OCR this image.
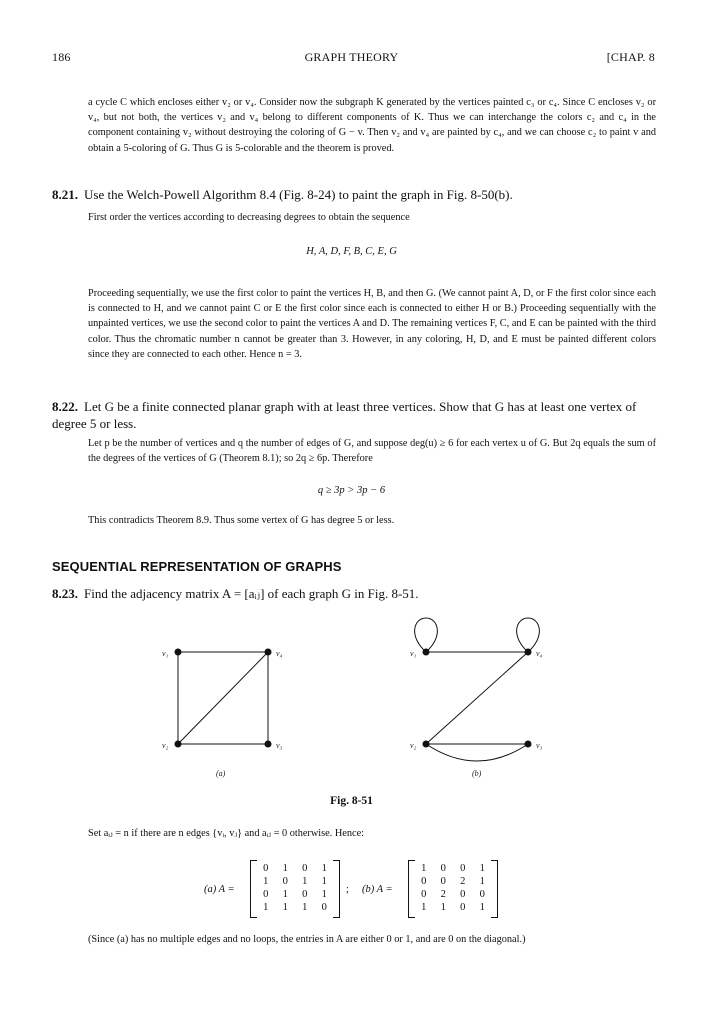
186	GRAPH THEORY	[CHAP. 8
a cycle C which encloses either v₂ or v₄. Consider now the subgraph K generated by the vertices painted c₃ or c₄. Since C encloses v₂ or v₄, but not both, the vertices v₂ and v₄ belong to different components of K. Thus we can interchange the colors c₂ and c₄ in the component containing v₂ without destroying the coloring of G − v. Then v₂ and v₄ are painted by c₄, and we can choose c₂ to paint v and obtain a 5-coloring of G. Thus G is 5-colorable and the theorem is proved.
8.21. Use the Welch-Powell Algorithm 8.4 (Fig. 8-24) to paint the graph in Fig. 8-50(b).
First order the vertices according to decreasing degrees to obtain the sequence
H, A, D, F, B, C, E, G
Proceeding sequentially, we use the first color to paint the vertices H, B, and then G. (We cannot paint A, D, or F the first color since each is connected to H, and we cannot paint C or E the first color since each is connected to either H or B.) Proceeding sequentially with the unpainted vertices, we use the second color to paint the vertices A and D. The remaining vertices F, C, and E can be painted with the third color. Thus the chromatic number n cannot be greater than 3. However, in any coloring, H, D, and E must be painted different colors since they are connected to each other. Hence n = 3.
8.22. Let G be a finite connected planar graph with at least three vertices. Show that G has at least one vertex of degree 5 or less.
Let p be the number of vertices and q the number of edges of G, and suppose deg(u) ≥ 6 for each vertex u of G. But 2q equals the sum of the degrees of the vertices of G (Theorem 8.1); so 2q ≥ 6p. Therefore
q ≥ 3p > 3p − 6
This contradicts Theorem 8.9. Thus some vertex of G has degree 5 or less.
SEQUENTIAL REPRESENTATION OF GRAPHS
8.23. Find the adjacency matrix A = [aᵢⱼ] of each graph G in Fig. 8-51.
v₁	v₄
v₂	v₃
(a)
v₁	v₄
v₂	v₃
(b)
Fig. 8-51
Set aᵢⱼ = n if there are n edges {vᵢ, vⱼ} and aᵢⱼ = 0 otherwise. Hence:
(a) A =
0	1	0	1
1	0	1	1
0	1	0	1
1	1	1	0
; (b) A =
1	0	0	1
0	0	2	1
0	2	0	0
1	1	0	1
(Since (a) has no multiple edges and no loops, the entries in A are either 0 or 1, and are 0 on the diagonal.)
